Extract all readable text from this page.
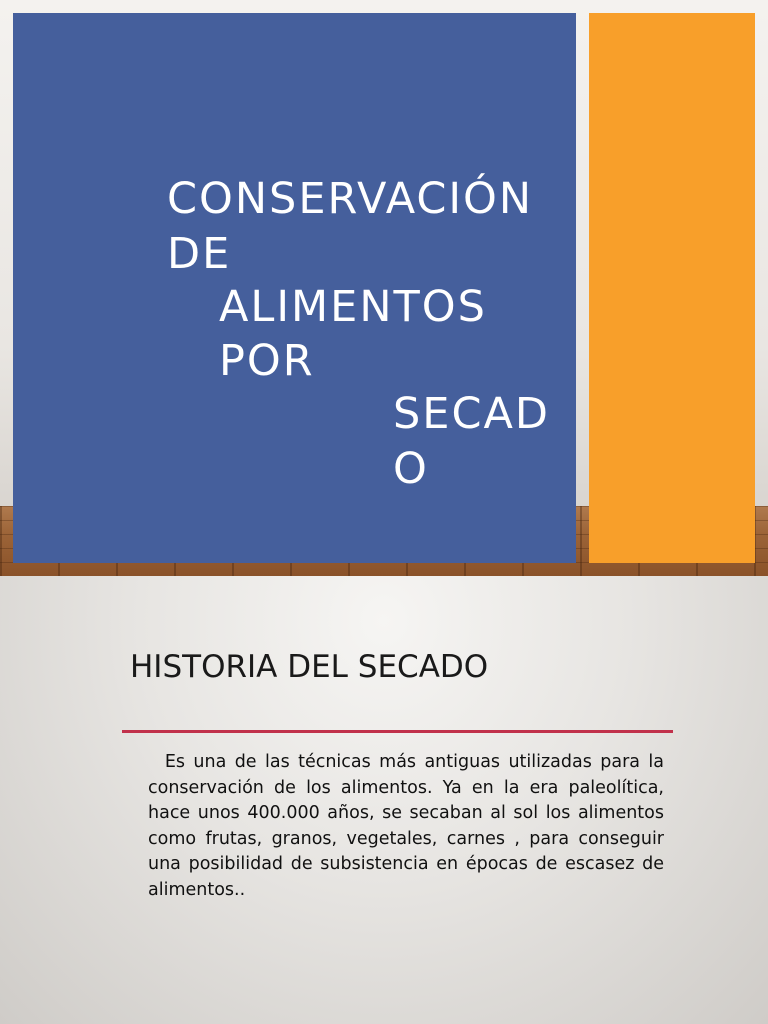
CONSERVACIÓN
DE
ALIMENTOS
POR
SECAD
O
HISTORIA DEL SECADO
Es una de las técnicas más antiguas utilizadas para la conservación de los alimentos. Ya en la era paleolítica, hace unos 400.000 años, se secaban al sol los alimentos como frutas, granos, vegetales, carnes , para conseguir una posibilidad de subsistencia en épocas de escasez de alimentos..
